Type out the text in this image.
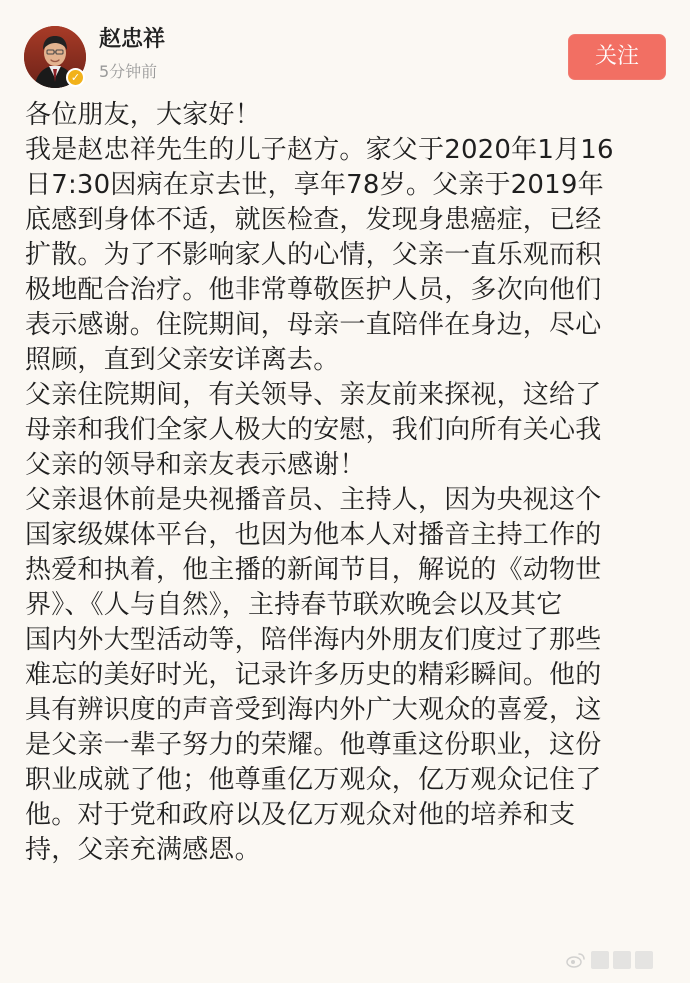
✓
赵忠祥
5分钟前
关注

各位朋友，大家好！

我是赵忠祥先生的儿子赵方。家父于2020年1月16

日7:30因病在京去世，享年78岁。父亲于2019年

底感到身体不适，就医检查，发现身患癌症，已经

扩散。为了不影响家人的心情，父亲一直乐观而积

极地配合治疗。他非常尊敬医护人员，多次向他们

表示感谢。住院期间，母亲一直陪伴在身边，尽心

照顾，直到父亲安详离去。

父亲住院期间，有关领导、亲友前来探视，这给了

母亲和我们全家人极大的安慰，我们向所有关心我

父亲的领导和亲友表示感谢！

父亲退休前是央视播音员、主持人，因为央视这个

国家级媒体平台，也因为他本人对播音主持工作的

热爱和执着，他主播的新闻节目，解说的《动物世

界》、《人与自然》，主持春节联欢晚会以及其它

国内外大型活动等，陪伴海内外朋友们度过了那些

难忘的美好时光，记录许多历史的精彩瞬间。他的

具有辨识度的声音受到海内外广大观众的喜爱，这

是父亲一辈子努力的荣耀。他尊重这份职业，这份

职业成就了他；他尊重亿万观众，亿万观众记住了

他。对于党和政府以及亿万观众对他的培养和支

持，父亲充满感恩。
